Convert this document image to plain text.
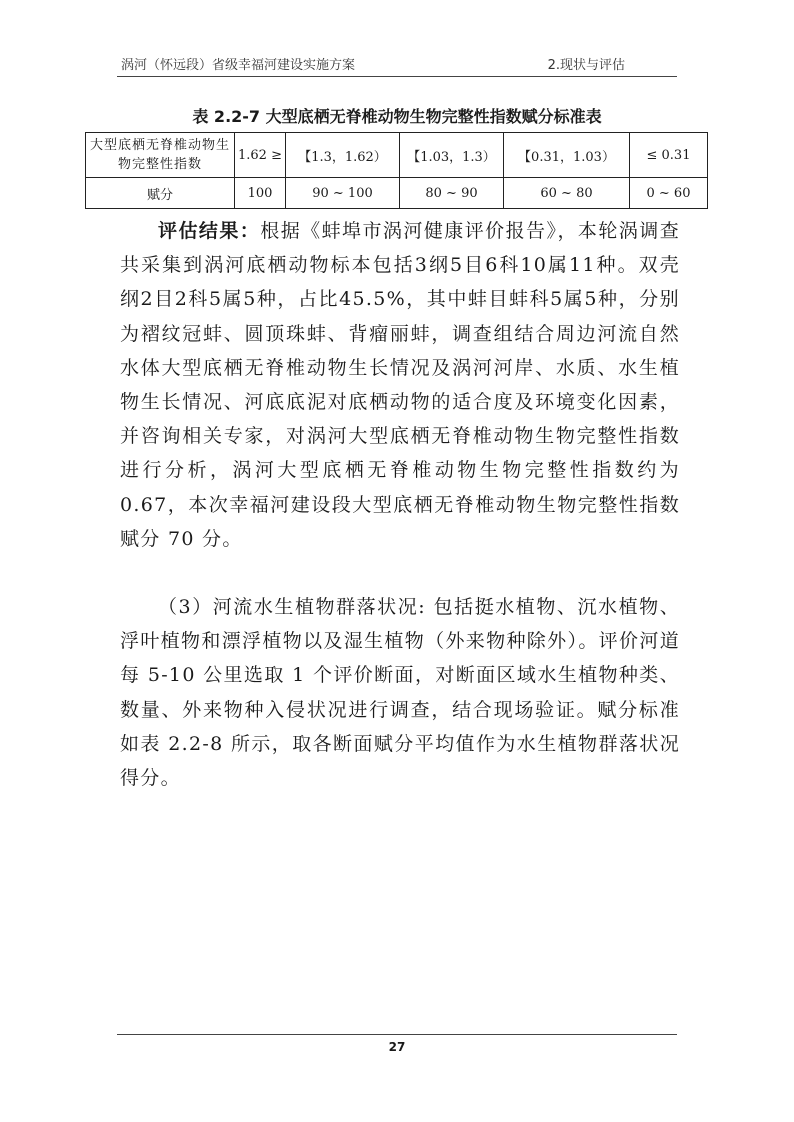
涡河（怀远段）省级幸福河建设实施方案	2.现状与评估
表 2.2-7 大型底栖无脊椎动物生物完整性指数赋分标准表
大型底栖无脊椎动物生物完整性指数	1.62 ≥	【1.3，1.62）	【1.03，1.3）	【0.31，1.03）	≤ 0.31
赋分	100	90 ~ 100	80 ~ 90	60 ~ 80	0 ~ 60

评估结果：根据《蚌埠市涡河健康评价报告》，本轮涡调查共采集到涡河底栖动物标本包括3纲5目6科10属11种。双壳纲2目2科5属5种，占比45.5%，其中蚌目蚌科5属5种，分别为褶纹冠蚌、圆顶珠蚌、背瘤丽蚌，调查组结合周边河流自然水体大型底栖无脊椎动物生长情况及涡河河岸、水质、水生植物生长情况、河底底泥对底栖动物的适合度及环境变化因素，并咨询相关专家，对涡河大型底栖无脊椎动物生物完整性指数进行分析，涡河大型底栖无脊椎动物生物完整性指数约为0.67，本次幸福河建设段大型底栖无脊椎动物生物完整性指数赋分 70 分。

（3）河流水生植物群落状况: 包括挺水植物、沉水植物、浮叶植物和漂浮植物以及湿生植物（外来物种除外）。评价河道每 5-10 公里选取 1 个评价断面，对断面区域水生植物种类、数量、外来物种入侵状况进行调查，结合现场验证。赋分标准如表 2.2-8 所示，取各断面赋分平均值作为水生植物群落状况得分。

27
